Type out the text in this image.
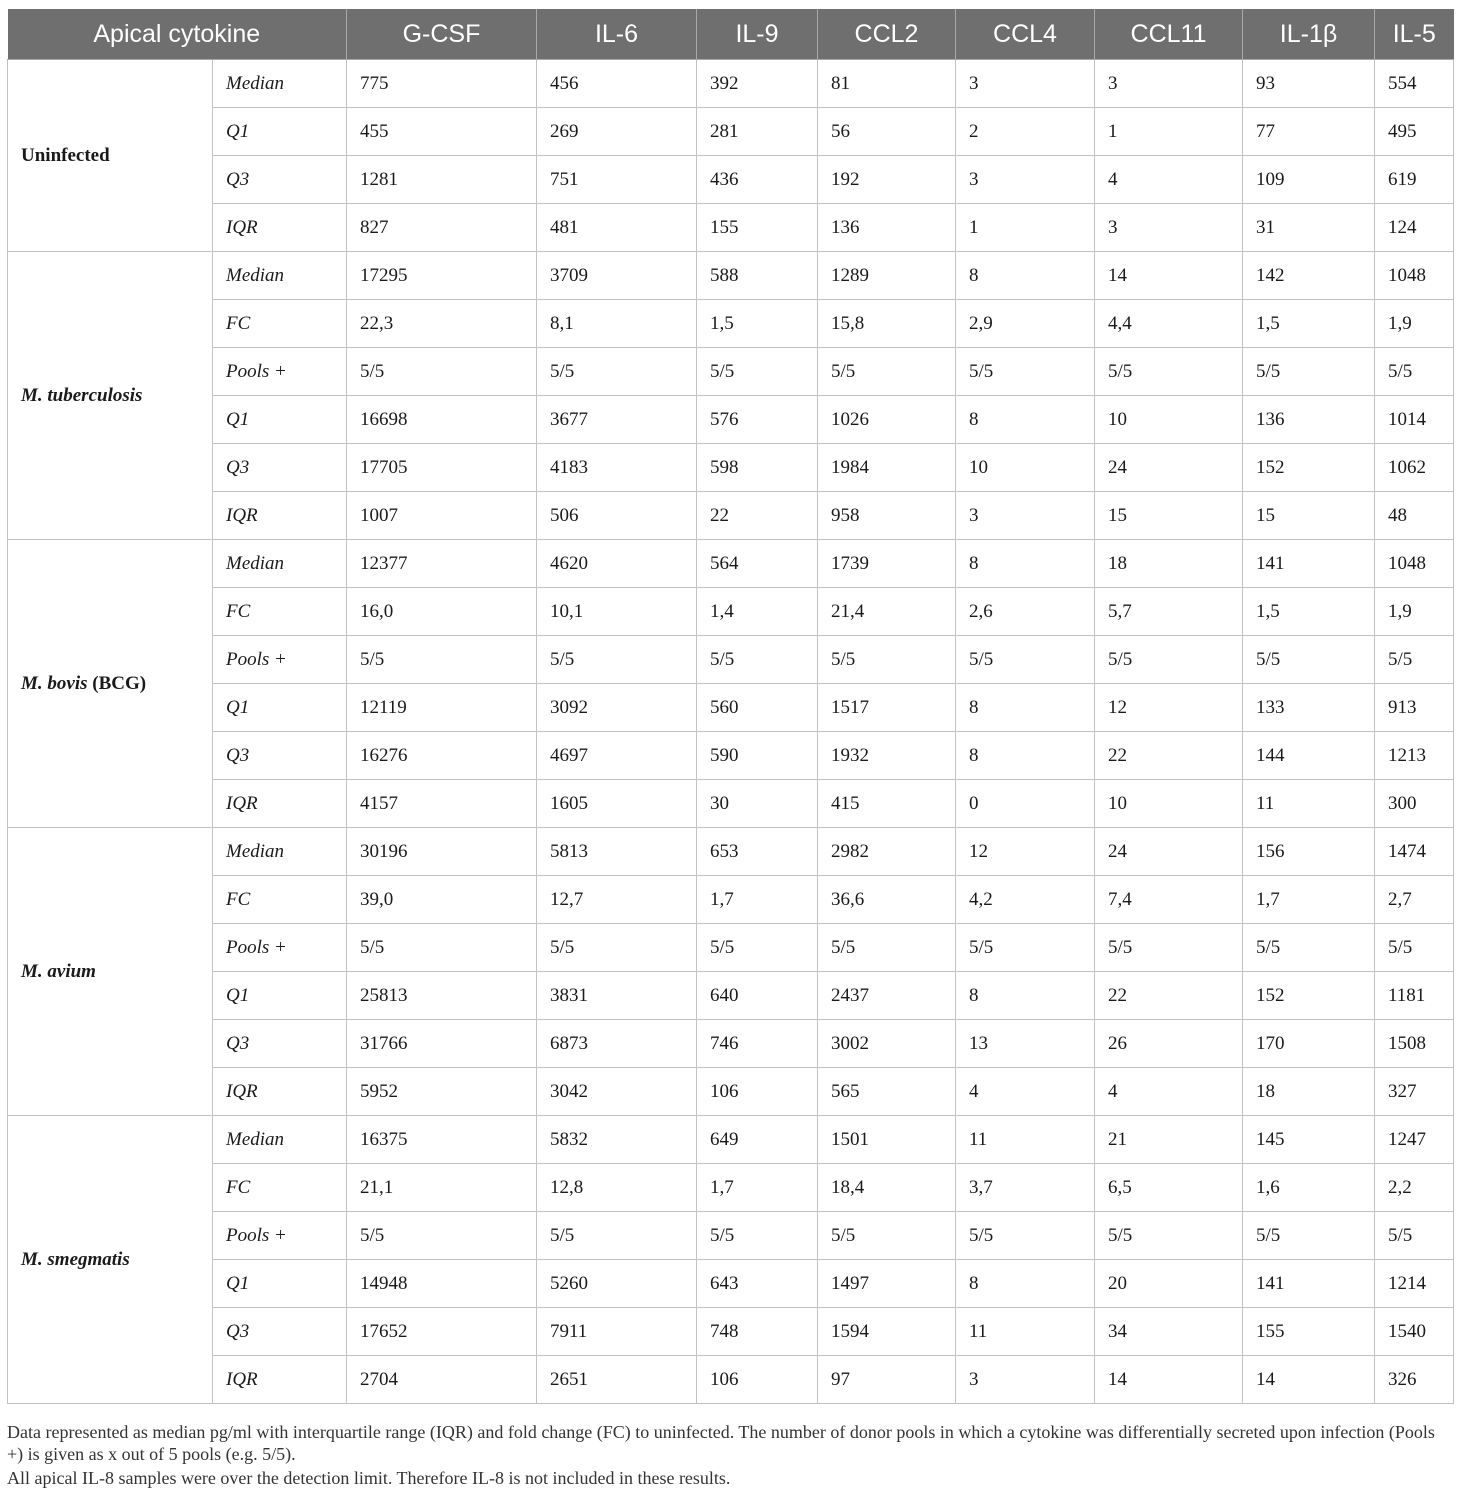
Apical cytokine		G-CSF	IL-6	IL-9	CCL2	CCL4	CCL11	IL-1β	IL-5
Uninfected	Median	775	456	392	81	3	3	93	554
	Q1	455	269	281	56	2	1	77	495
	Q3	1281	751	436	192	3	4	109	619
	IQR	827	481	155	136	1	3	31	124
M. tuberculosis	Median	17295	3709	588	1289	8	14	142	1048
	FC	22,3	8,1	1,5	15,8	2,9	4,4	1,5	1,9
	Pools +	5/5	5/5	5/5	5/5	5/5	5/5	5/5	5/5
	Q1	16698	3677	576	1026	8	10	136	1014
	Q3	17705	4183	598	1984	10	24	152	1062
	IQR	1007	506	22	958	3	15	15	48
M. bovis (BCG)	Median	12377	4620	564	1739	8	18	141	1048
	FC	16,0	10,1	1,4	21,4	2,6	5,7	1,5	1,9
	Pools +	5/5	5/5	5/5	5/5	5/5	5/5	5/5	5/5
	Q1	12119	3092	560	1517	8	12	133	913
	Q3	16276	4697	590	1932	8	22	144	1213
	IQR	4157	1605	30	415	0	10	11	300
M. avium	Median	30196	5813	653	2982	12	24	156	1474
	FC	39,0	12,7	1,7	36,6	4,2	7,4	1,7	2,7
	Pools +	5/5	5/5	5/5	5/5	5/5	5/5	5/5	5/5
	Q1	25813	3831	640	2437	8	22	152	1181
	Q3	31766	6873	746	3002	13	26	170	1508
	IQR	5952	3042	106	565	4	4	18	327
M. smegmatis	Median	16375	5832	649	1501	11	21	145	1247
	FC	21,1	12,8	1,7	18,4	3,7	6,5	1,6	2,2
	Pools +	5/5	5/5	5/5	5/5	5/5	5/5	5/5	5/5
	Q1	14948	5260	643	1497	8	20	141	1214
	Q3	17652	7911	748	1594	11	34	155	1540
	IQR	2704	2651	106	97	3	14	14	326
Data represented as median pg/ml with interquartile range (IQR) and fold change (FC) to uninfected. The number of donor pools in which a cytokine was differentially secreted upon infection (Pools +) is given as x out of 5 pools (e.g. 5/5).
All apical IL-8 samples were over the detection limit. Therefore IL-8 is not included in these results.
